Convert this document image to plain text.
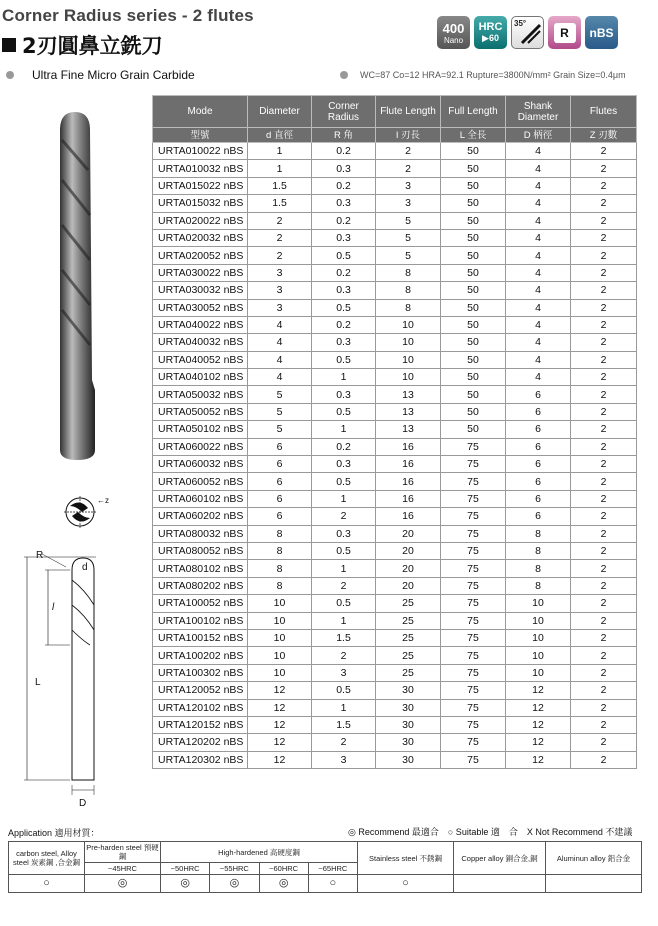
Corner Radius series - 2 flutes
2刃圓鼻立銑刀
400
Nano
HRC
▶60
35°
R nBS
Ultra Fine Micro Grain Carbide	WC=87 Co=12 HRA=92.1 Rupture=3800N/mm² Grain Size=0.4μm
←z
R
d
l
L
D
Mode	Diameter	Corner Radius	Flute Length	Full Length	Shank Diameter	Flutes
型號	d 直徑	R 角	l 刃長	L 全長	D 柄徑	Z 刃數
URTA010022 nBS	1	0.2	2	50	4	2
URTA010032 nBS	1	0.3	2	50	4	2
URTA015022 nBS	1.5	0.2	3	50	4	2
URTA015032 nBS	1.5	0.3	3	50	4	2
URTA020022 nBS	2	0.2	5	50	4	2
URTA020032 nBS	2	0.3	5	50	4	2
URTA020052 nBS	2	0.5	5	50	4	2
URTA030022 nBS	3	0.2	8	50	4	2
URTA030032 nBS	3	0.3	8	50	4	2
URTA030052 nBS	3	0.5	8	50	4	2
URTA040022 nBS	4	0.2	10	50	4	2
URTA040032 nBS	4	0.3	10	50	4	2
URTA040052 nBS	4	0.5	10	50	4	2
URTA040102 nBS	4	1	10	50	4	2
URTA050032 nBS	5	0.3	13	50	6	2
URTA050052 nBS	5	0.5	13	50	6	2
URTA050102 nBS	5	1	13	50	6	2
URTA060022 nBS	6	0.2	16	75	6	2
URTA060032 nBS	6	0.3	16	75	6	2
URTA060052 nBS	6	0.5	16	75	6	2
URTA060102 nBS	6	1	16	75	6	2
URTA060202 nBS	6	2	16	75	6	2
URTA080032 nBS	8	0.3	20	75	8	2
URTA080052 nBS	8	0.5	20	75	8	2
URTA080102 nBS	8	1	20	75	8	2
URTA080202 nBS	8	2	20	75	8	2
URTA100052 nBS	10	0.5	25	75	10	2
URTA100102 nBS	10	1	25	75	10	2
URTA100152 nBS	10	1.5	25	75	10	2
URTA100202 nBS	10	2	25	75	10	2
URTA100302 nBS	10	3	25	75	10	2
URTA120052 nBS	12	0.5	30	75	12	2
URTA120102 nBS	12	1	30	75	12	2
URTA120152 nBS	12	1.5	30	75	12	2
URTA120202 nBS	12	2	30	75	12	2
URTA120302 nBS	12	3	30	75	12	2
Application 適用材質：	◎ Recommend 最適合　○ Suitable 適　合　X Not Recommend 不建議
carbon steel, Alloy steel 炭素鋼 ,合金鋼	Pre-harden steel 預硬鋼	High-hardened 高硬度鋼				Stainless steel 不銹鋼	Copper alloy 銅合金,銅	Aluminun alloy 鋁合金
	~45HRC	~50HRC	~55HRC	~60HRC	~65HRC			
○	◎	◎	◎	◎	○	○		
